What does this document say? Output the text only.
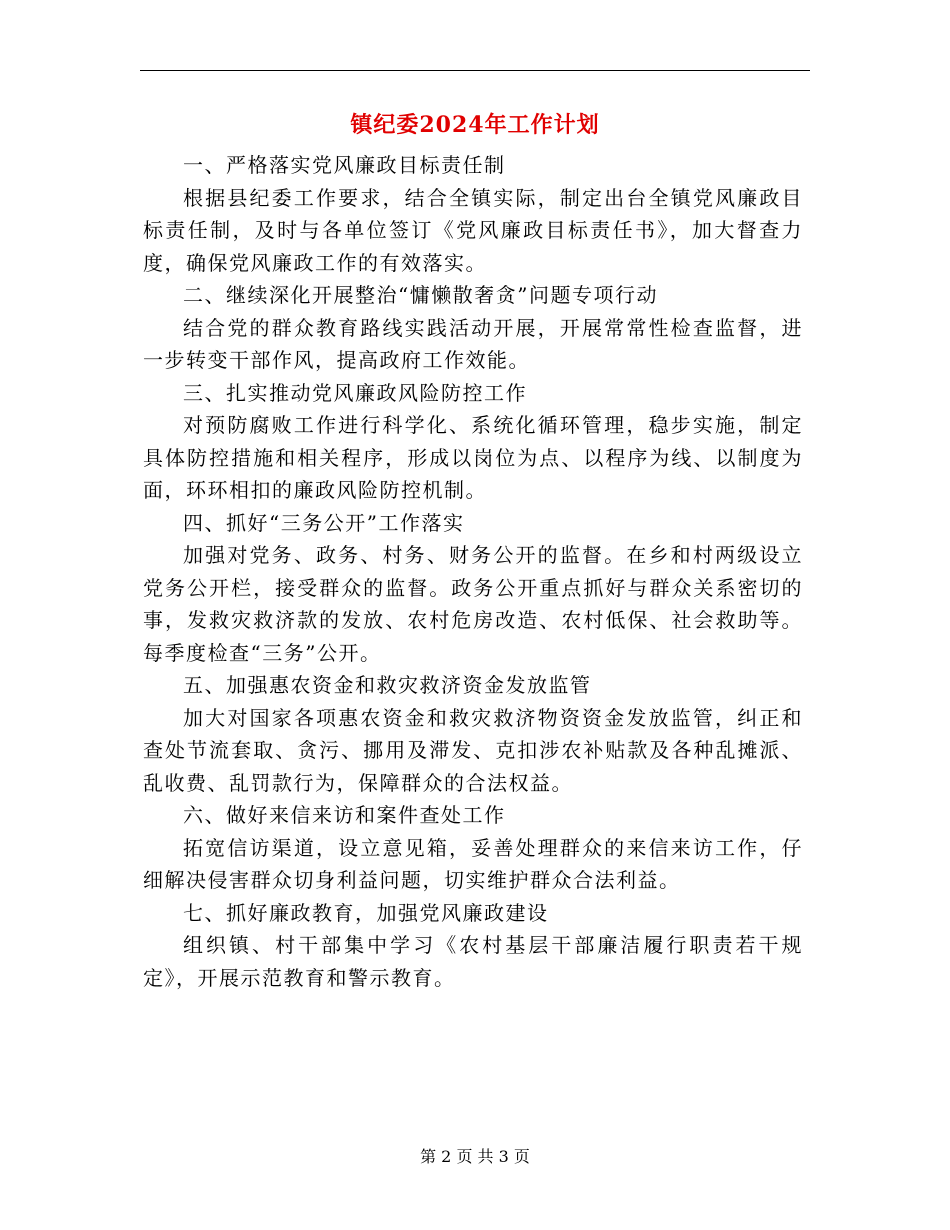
镇纪委2024年工作计划

一、严格落实党风廉政目标责任制

根据县纪委工作要求，结合全镇实际，制定出台全镇党风廉政目标责任制，及时与各单位签订《党风廉政目标责任书》，加大督查力度，确保党风廉政工作的有效落实。

二、继续深化开展整治“慵懒散奢贪”问题专项行动

结合党的群众教育路线实践活动开展，开展常常性检查监督，进一步转变干部作风，提高政府工作效能。

三、扎实推动党风廉政风险防控工作

对预防腐败工作进行科学化、系统化循环管理，稳步实施，制定具体防控措施和相关程序，形成以岗位为点、以程序为线、以制度为面，环环相扣的廉政风险防控机制。

四、抓好“三务公开”工作落实

加强对党务、政务、村务、财务公开的监督。在乡和村两级设立党务公开栏，接受群众的监督。政务公开重点抓好与群众关系密切的事，发救灾救济款的发放、农村危房改造、农村低保、社会救助等。每季度检查“三务”公开。

五、加强惠农资金和救灾救济资金发放监管

加大对国家各项惠农资金和救灾救济物资资金发放监管，纠正和查处节流套取、贪污、挪用及滞发、克扣涉农补贴款及各种乱摊派、乱收费、乱罚款行为，保障群众的合法权益。

六、做好来信来访和案件查处工作

拓宽信访渠道，设立意见箱，妥善处理群众的来信来访工作，仔细解决侵害群众切身利益问题，切实维护群众合法利益。

七、抓好廉政教育，加强党风廉政建设

组织镇、村干部集中学习《农村基层干部廉洁履行职责若干规定》，开展示范教育和警示教育。

第 2 页 共 3 页
